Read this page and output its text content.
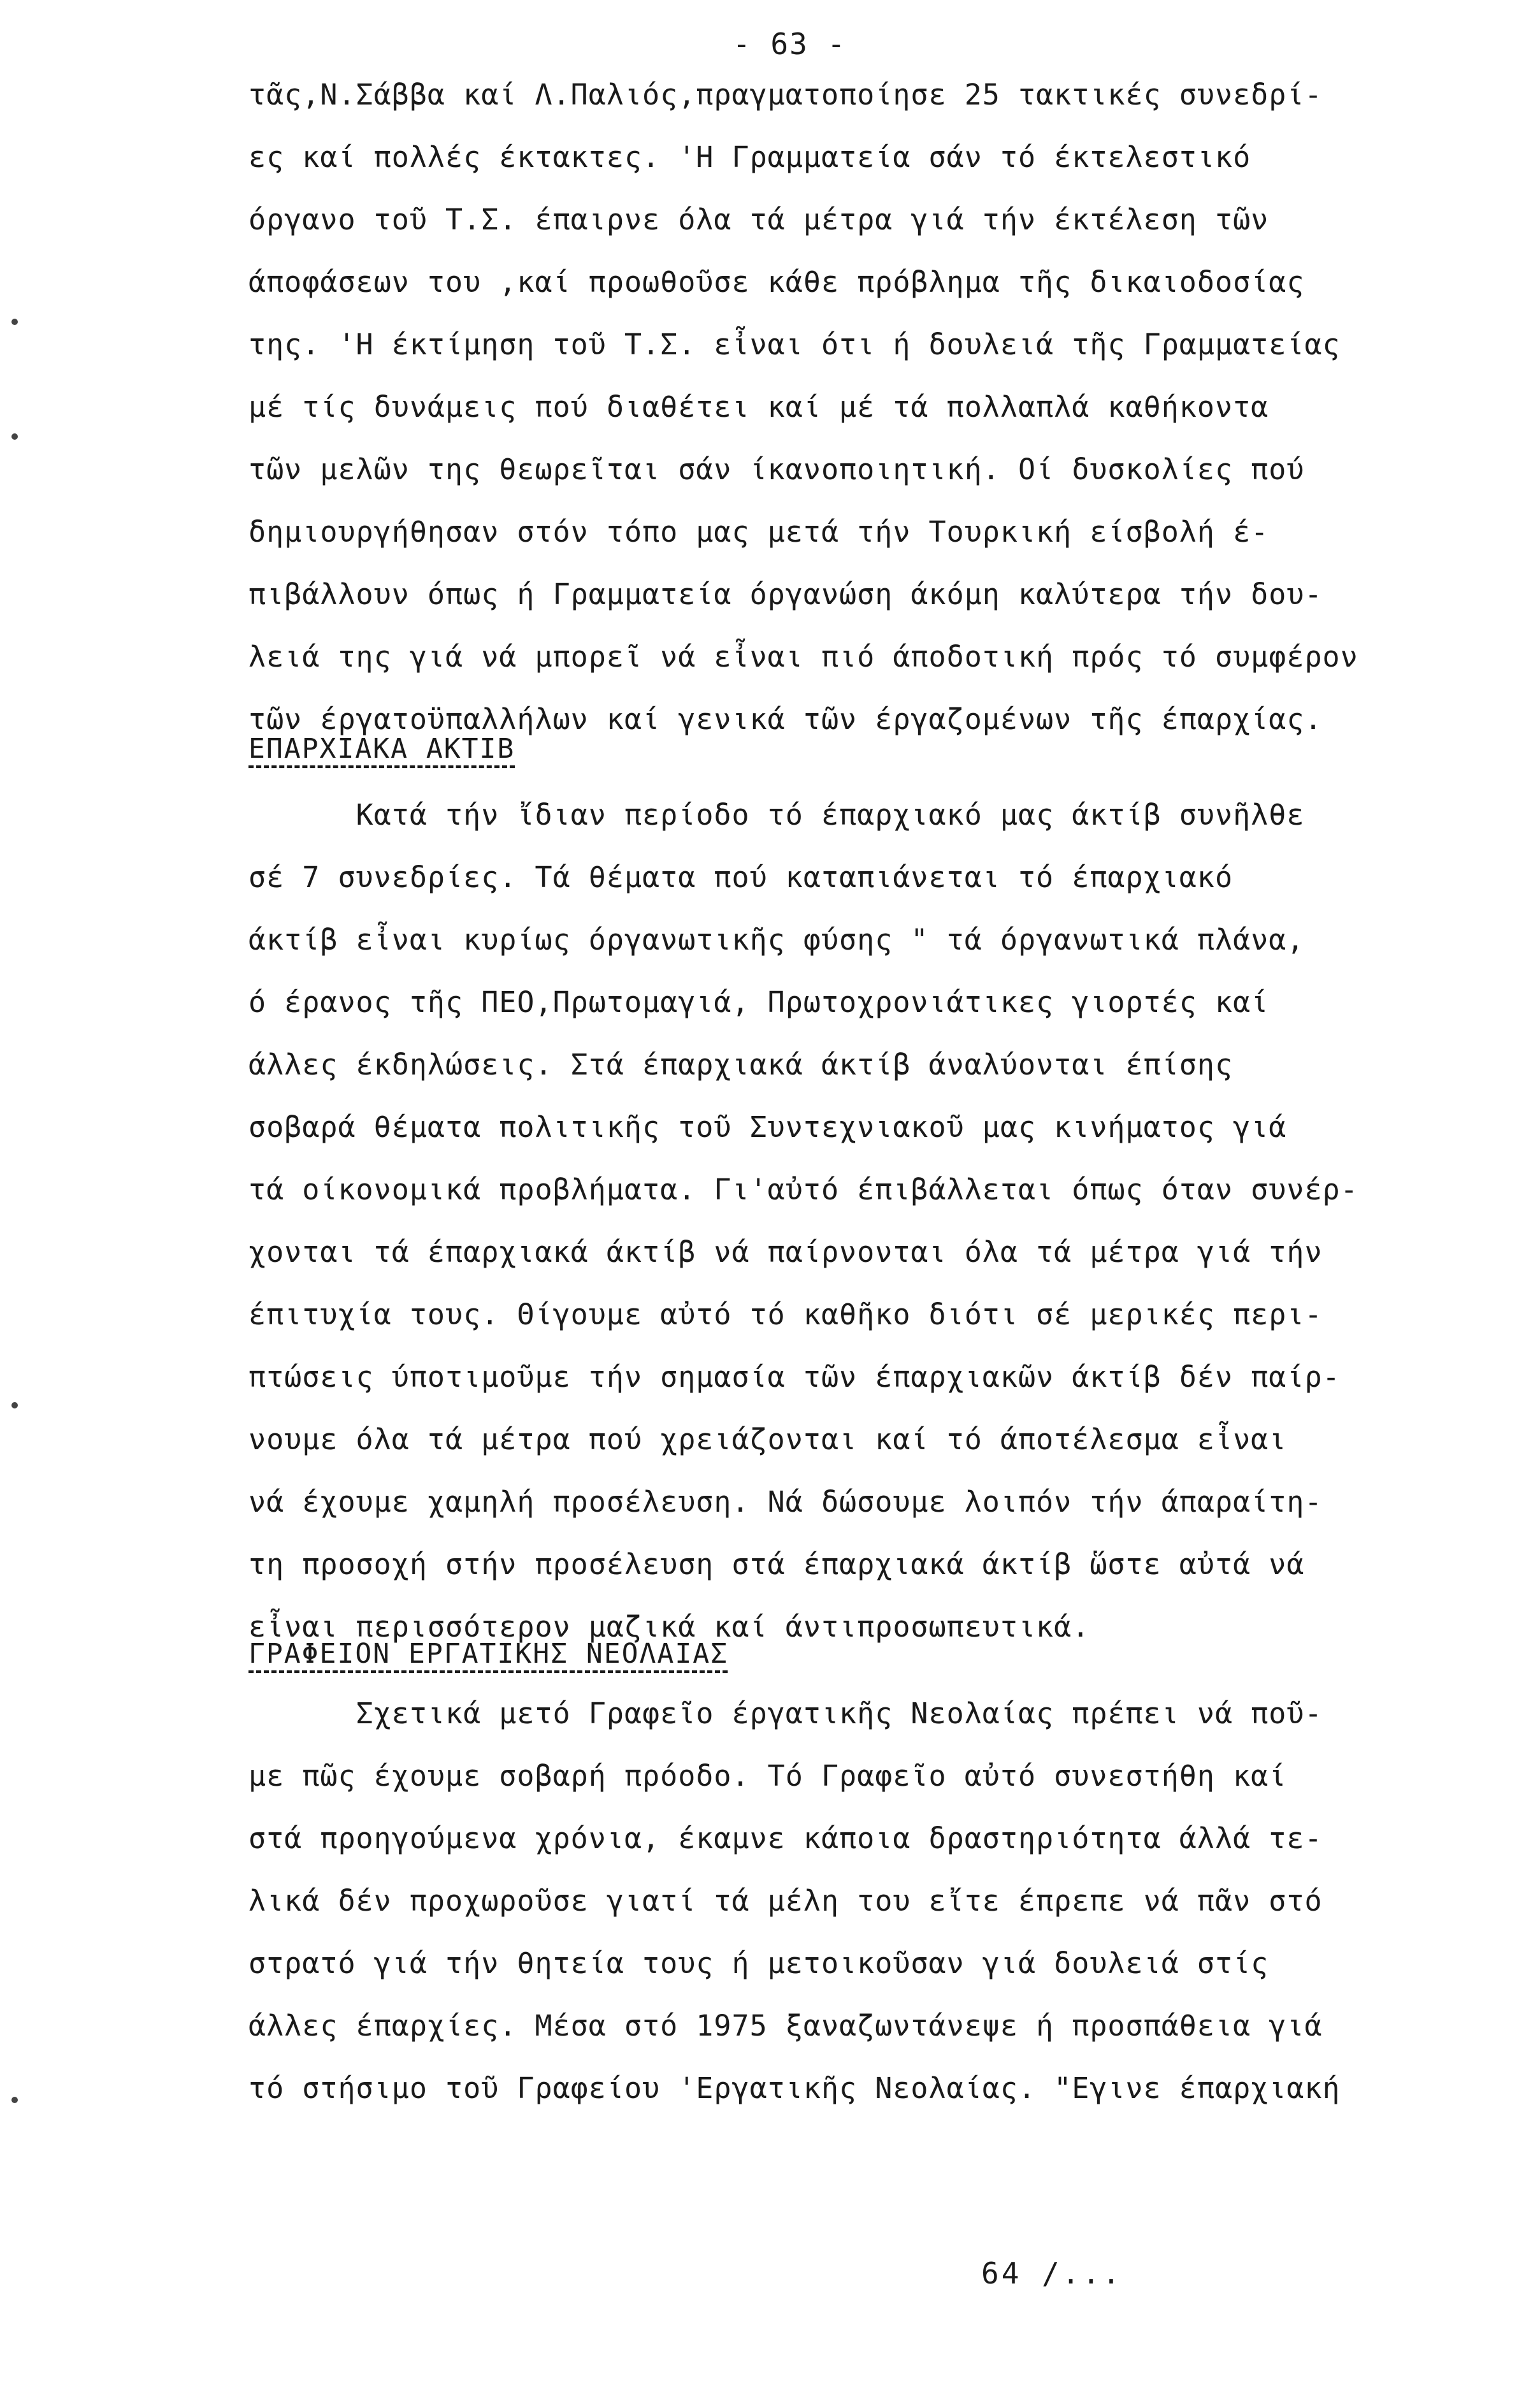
- 63 -

τᾶς,Ν.Σάββα καί Λ.Παλιός,πραγματοποίησε 25 τακτικές συνεδρί-

ες καί πολλές έκτακτες. 'Η Γραμματεία σάν τό έκτελεστικό

όργανο τοῦ Τ.Σ. έπαιρνε όλα τά μέτρα γιά τήν έκτέλεση τῶν

άποφάσεων του ,καί προωθοῦσε κάθε πρόβλημα τῆς δικαιοδοσίας

της. 'Η έκτίμηση τοῦ Τ.Σ. εἶναι ότι ή δουλειά τῆς Γραμματείας

μέ τίς δυνάμεις πού διαθέτει καί μέ τά πολλαπλά καθήκοντα

τῶν μελῶν της θεωρεῖται σάν ίκανοποιητική. Οί δυσκολίες πού

δημιουργήθησαν στόν τόπο μας μετά τήν Τουρκική είσβολή έ-

πιβάλλουν όπως ή Γραμματεία όργανώση άκόμη καλύτερα τήν δου-

λειά της γιά νά μπορεῖ νά εἶναι πιό άποδοτική πρός τό συμφέρον

τῶν έργατοϋπαλλήλων καί γενικά τῶν έργαζομένων τῆς έπαρχίας.

ΕΠΑΡΧΙΑΚΑ ΑΚΤΙΒ

Κατά τήν ἴδιαν περίοδο τό έπαρχιακό μας άκτίβ συνῆλθε

σέ 7 συνεδρίες. Τά θέματα πού καταπιάνεται τό έπαρχιακό

άκτίβ εἶναι κυρίως όργανωτικῆς φύσης " τά όργανωτικά πλάνα,

ό έρανος τῆς ΠΕΟ,Πρωτομαγιά, Πρωτοχρονιάτικες γιορτές καί

άλλες έκδηλώσεις. Στά έπαρχιακά άκτίβ άναλύονται έπίσης

σοβαρά θέματα πολιτικῆς τοῦ Συντεχνιακοῦ μας κινήματος γιά

τά οίκονομικά προβλήματα. Γι'αὐτό έπιβάλλεται όπως όταν συνέρ-

χονται τά έπαρχιακά άκτίβ νά παίρνονται όλα τά μέτρα γιά τήν

έπιτυχία τους. Θίγουμε αὐτό τό καθῆκο διότι σέ μερικές περι-

πτώσεις ύποτιμοῦμε τήν σημασία τῶν έπαρχιακῶν άκτίβ δέν παίρ-

νουμε όλα τά μέτρα πού χρειάζονται καί τό άποτέλεσμα εἶναι

νά έχουμε χαμηλή προσέλευση. Νά δώσουμε λοιπόν τήν άπαραίτη-

τη προσοχή στήν προσέλευση στά έπαρχιακά άκτίβ ὥστε αὐτά νά

εἶναι περισσότερον μαζικά καί άντιπροσωπευτικά.

ΓΡΑΦΕΙΟΝ ΕΡΓΑΤΙΚΗΣ ΝΕΟΛΑΙΑΣ

Σχετικά μετό Γραφεῖο έργατικῆς Νεολαίας πρέπει νά ποῦ-

με πῶς έχουμε σοβαρή πρόοδο. Τό Γραφεῖο αὐτό συνεστήθη καί

στά προηγούμενα χρόνια, έκαμνε κάποια δραστηριότητα άλλά τε-

λικά δέν προχωροῦσε γιατί τά μέλη του εἴτε έπρεπε νά πᾶν στό

στρατό γιά τήν θητεία τους ή μετοικοῦσαν γιά δουλειά στίς

άλλες έπαρχίες. Μέσα στό 1975 ξαναζωντάνεψε ή προσπάθεια γιά

τό στήσιμο τοῦ Γραφείου 'Εργατικῆς Νεολαίας. "Εγινε έπαρχιακή

64 /...
